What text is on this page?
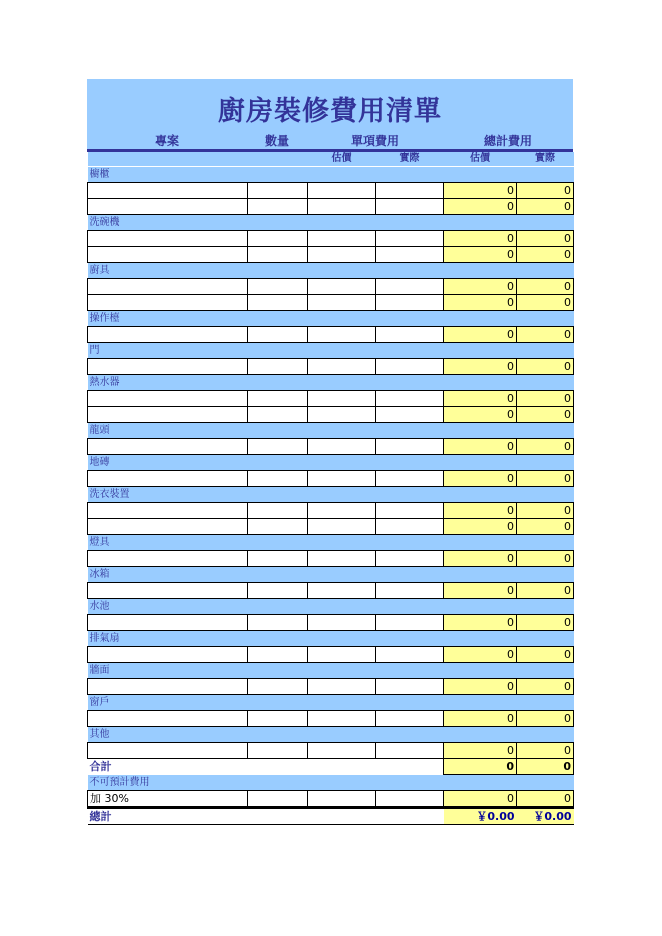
廚房裝修費用清單
專案	數量	單項費用	總計費用
		估價	實際	估價	實際
櫥櫃					
				0	0
				0	0
洗碗機					
				0	0
				0	0
廚具					
				0	0
				0	0
操作檯					
				0	0
門					
				0	0
熱水器					
				0	0
				0	0
龍頭					
				0	0
地磚					
				0	0
洗衣裝置					
				0	0
				0	0
燈具					
				0	0
冰箱					
				0	0
水池					
				0	0
排氣扇					
				0	0
牆面					
				0	0
窗戶					
				0	0
其他					
				0	0
合計				0	0
不可預計費用					
加 30%				0	0
總計				￥0.00	￥0.00
